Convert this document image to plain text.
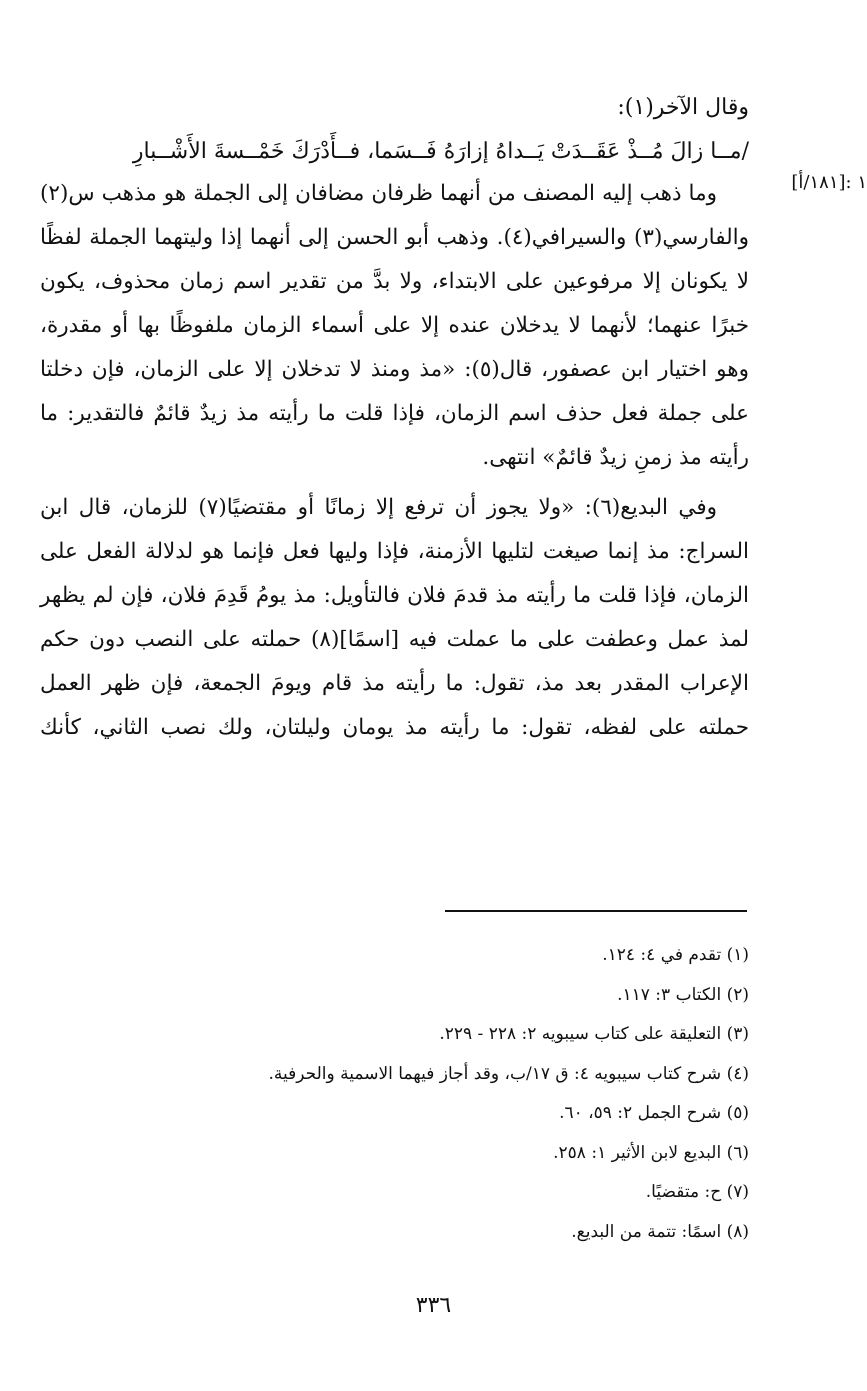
[١٨١/أ]: ١

وقال الآخر(١):

/مــا زالَ مُــذْ عَقَــدَتْ يَــداهُ إزارَهُ فَــسَما، فــأَدْرَكَ خَمْــسةَ الأَشْــبارِ

وما ذهب إليه المصنف من أنهما ظرفان مضافان إلى الجملة هو مذهب س(٢) والفارسي(٣) والسيرافي(٤). وذهب أبو الحسن إلى أنهما إذا وليتهما الجملة لفظًا لا يكونان إلا مرفوعين على الابتداء، ولا بدَّ من تقدير اسم زمان محذوف، يكون خبرًا عنهما؛ لأنهما لا يدخلان عنده إلا على أسماء الزمان ملفوظًا بها أو مقدرة، وهو اختيار ابن عصفور، قال(٥): «مذ ومنذ لا تدخلان إلا على الزمان، فإن دخلتا على جملة فعل حذف اسم الزمان، فإذا قلت ما رأيته مذ زيدٌ قائمٌ فالتقدير: ما رأيته مذ زمنِ زيدٌ قائمٌ» انتهى.

وفي البديع(٦): «ولا يجوز أن ترفع إلا زمانًا أو مقتضيًا(٧) للزمان، قال ابن السراج: مذ إنما صيغت لتليها الأزمنة، فإذا وليها فعل فإنما هو لدلالة الفعل على الزمان، فإذا قلت ما رأيته مذ قدمَ فلان فالتأويل: مذ يومُ قَدِمَ فلان، فإن لم يظهر لمذ عمل وعطفت على ما عملت فيه [اسمًا](٨) حملته على النصب دون حكم الإعراب المقدر بعد مذ، تقول: ما رأيته مذ قام ويومَ الجمعة، فإن ظهر العمل حملته على لفظه، تقول: ما رأيته مذ يومان وليلتان، ولك نصب الثاني، كأنك

(١) تقدم في ٤: ١٢٤.
(٢) الكتاب ٣: ١١٧.
(٣) التعليقة على كتاب سيبويه ٢: ٢٢٨ - ٢٢٩.
(٤) شرح كتاب سيبويه ٤: ق ١٧/ب، وقد أجاز فيهما الاسمية والحرفية.
(٥) شرح الجمل ٢: ٥٩، ٦٠.
(٦) البديع لابن الأثير ١: ٢٥٨.
(٧) ح: متقضيًا.
(٨) اسمًا: تتمة من البديع.
٣٣٦
